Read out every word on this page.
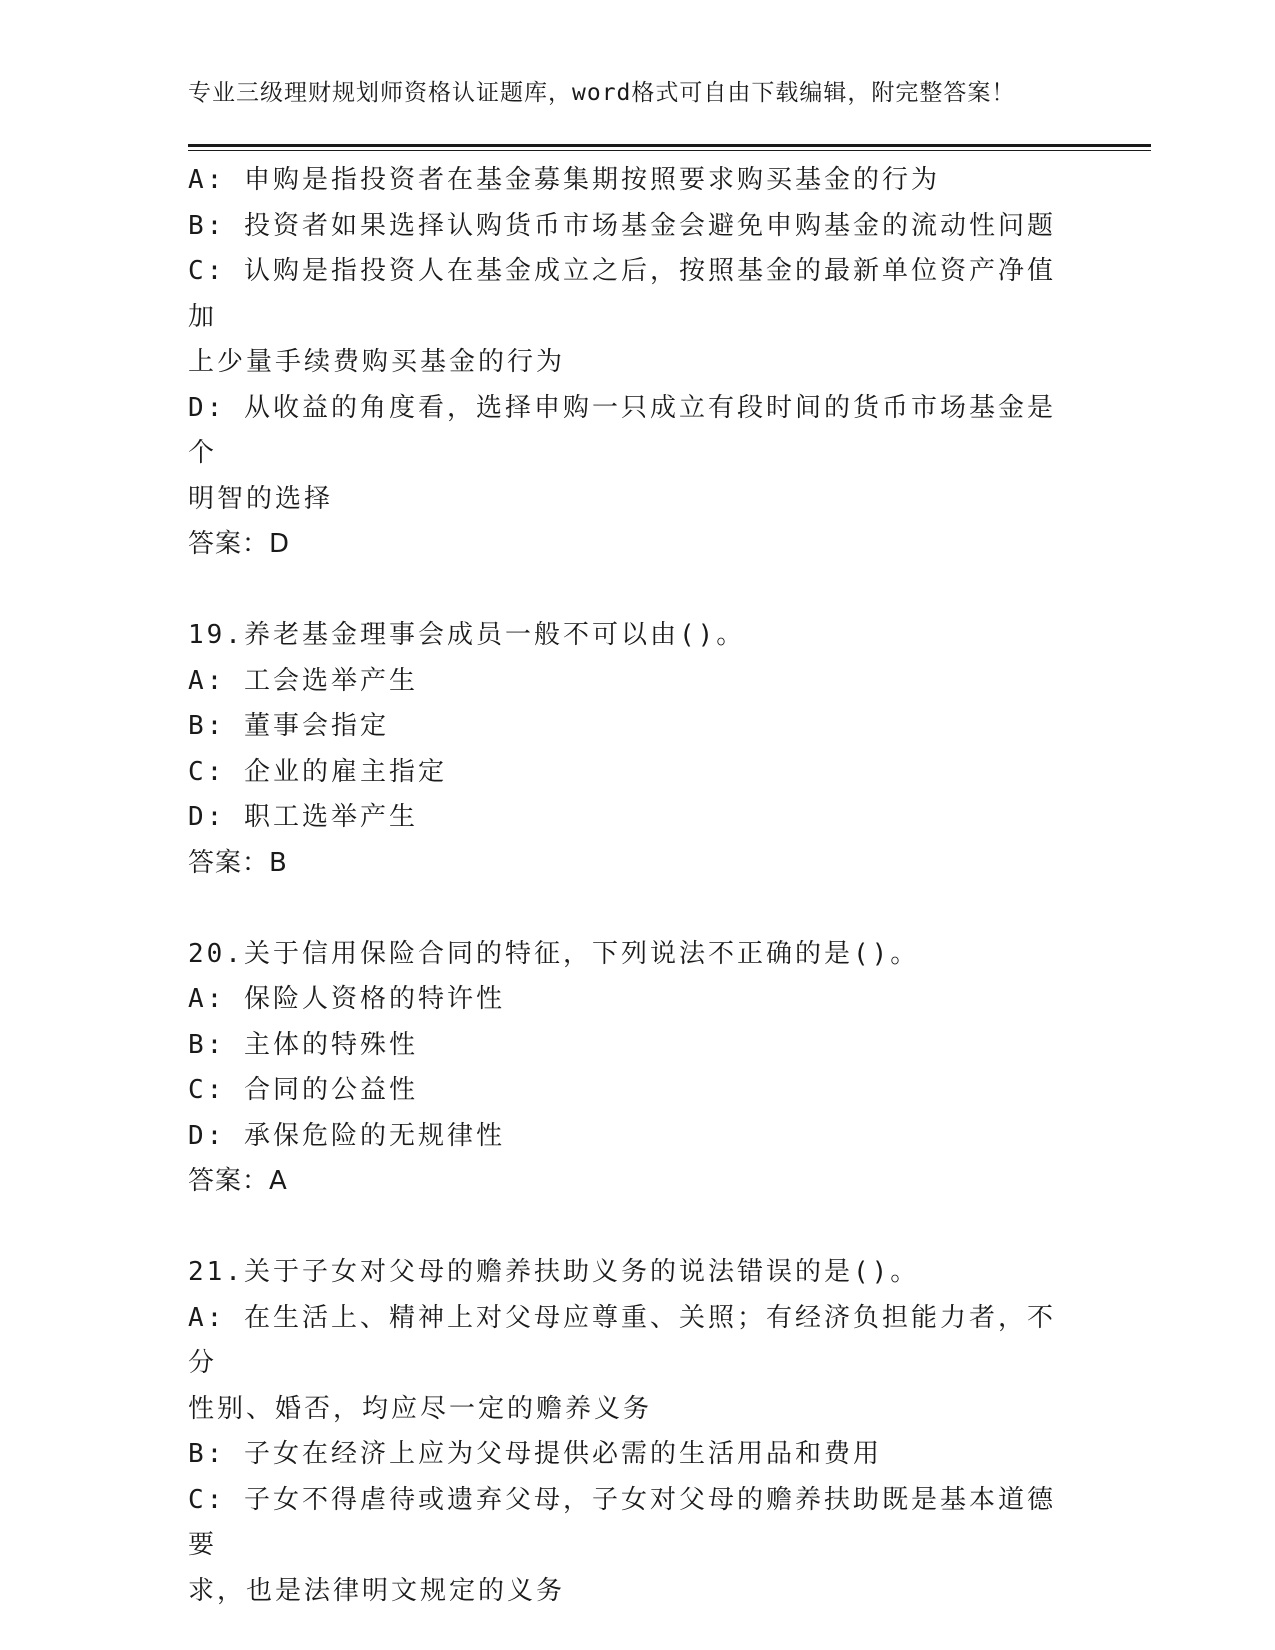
专业三级理财规划师资格认证题库，word格式可自由下载编辑，附完整答案！

A: 申购是指投资者在基金募集期按照要求购买基金的行为

B: 投资者如果选择认购货币市场基金会避免申购基金的流动性问题

C: 认购是指投资人在基金成立之后，按照基金的最新单位资产净值加

上少量手续费购买基金的行为

D: 从收益的角度看，选择申购一只成立有段时间的货币市场基金是个

明智的选择

答案：D

19.养老基金理事会成员一般不可以由()。

A: 工会选举产生

B: 董事会指定

C: 企业的雇主指定

D: 职工选举产生

答案：B

20.关于信用保险合同的特征，下列说法不正确的是()。

A: 保险人资格的特许性

B: 主体的特殊性

C: 合同的公益性

D: 承保危险的无规律性

答案：A

21.关于子女对父母的赡养扶助义务的说法错误的是()。

A: 在生活上、精神上对父母应尊重、关照；有经济负担能力者，不分

性别、婚否，均应尽一定的赡养义务

B: 子女在经济上应为父母提供必需的生活用品和费用

C: 子女不得虐待或遗弃父母，子女对父母的赡养扶助既是基本道德要

求，也是法律明文规定的义务
